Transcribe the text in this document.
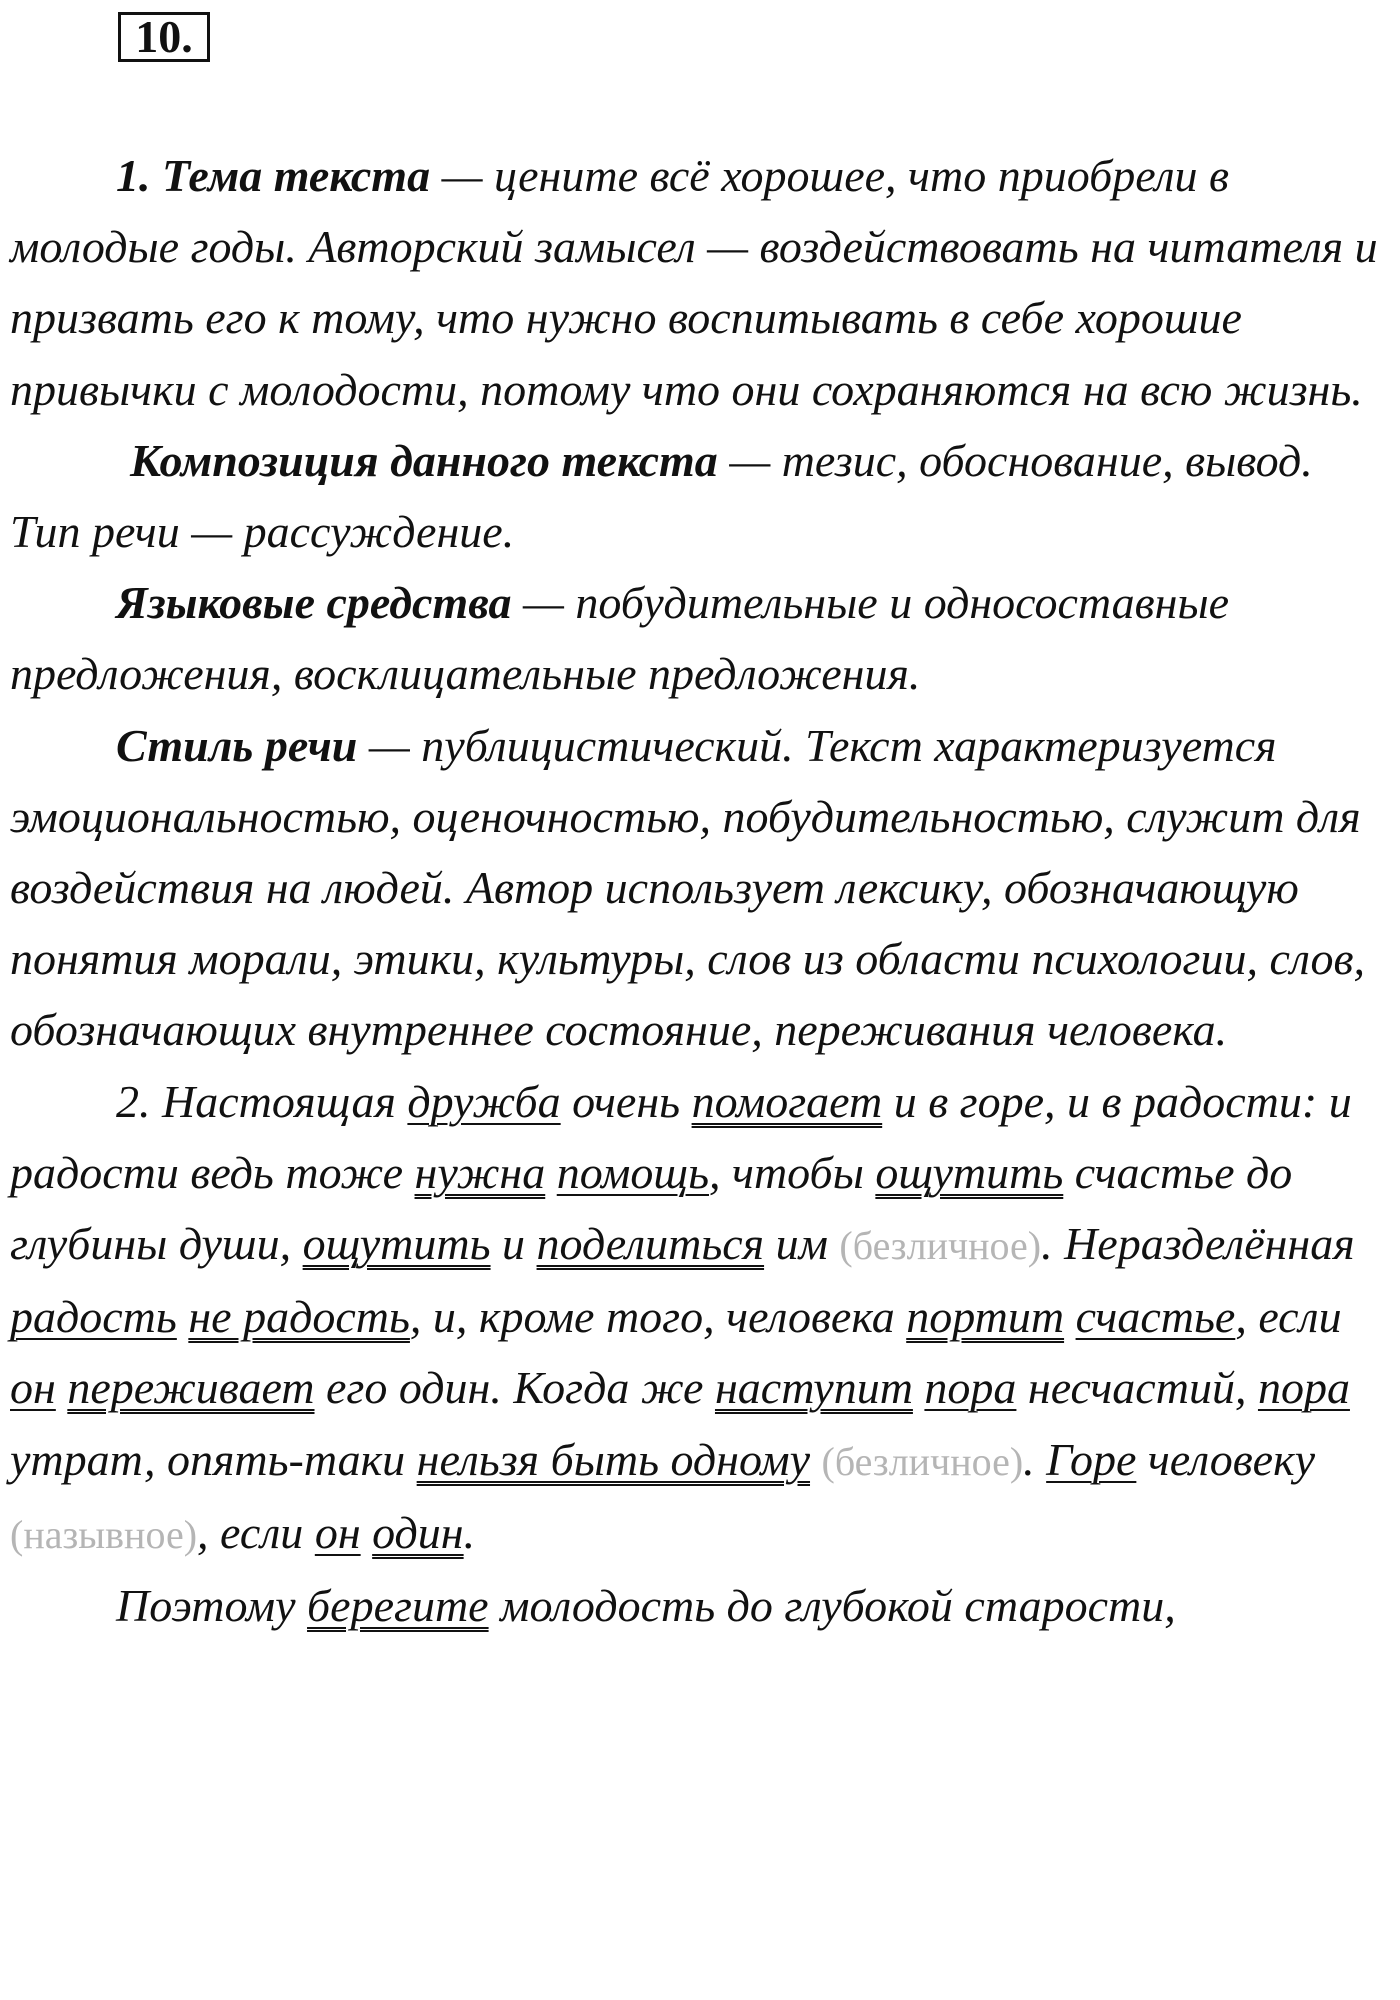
10.

1. Тема текста — цените всё хорошее, что приобрели в молодые годы. Авторский замысел — воздействовать на читателя и призвать его к тому, что нужно воспитывать в себе хорошие привычки с молодости, потому что они сохраняются на всю жизнь.

Композиция данного текста — тезис, обоснование, вывод. Тип речи — рассуждение.

Языковые средства — побудительные и односоставные предложения, восклицательные предложения.

Стиль речи — публицистический. Текст характеризуется эмоциональностью, оценочностью, побудительностью, служит для воздействия на людей. Автор использует лексику, обозначающую понятия морали, этики, культуры, слов из области психологии, слов, обозначающих внутреннее состояние, переживания человека.

2. Настоящая дружба очень помогает и в горе, и в радости: и радости ведь тоже нужна помощь, чтобы ощутить счастье до глубины души, ощутить и поделиться им (безличное). Неразделённая радость не радость, и, кроме того, человека портит счастье, если он переживает его один. Когда же наступит пора несчастий, пора утрат, опять-таки нельзя быть одному (безличное). Горе человеку (назывное), если он один.

Поэтому берегите молодость до глубокой старости,
